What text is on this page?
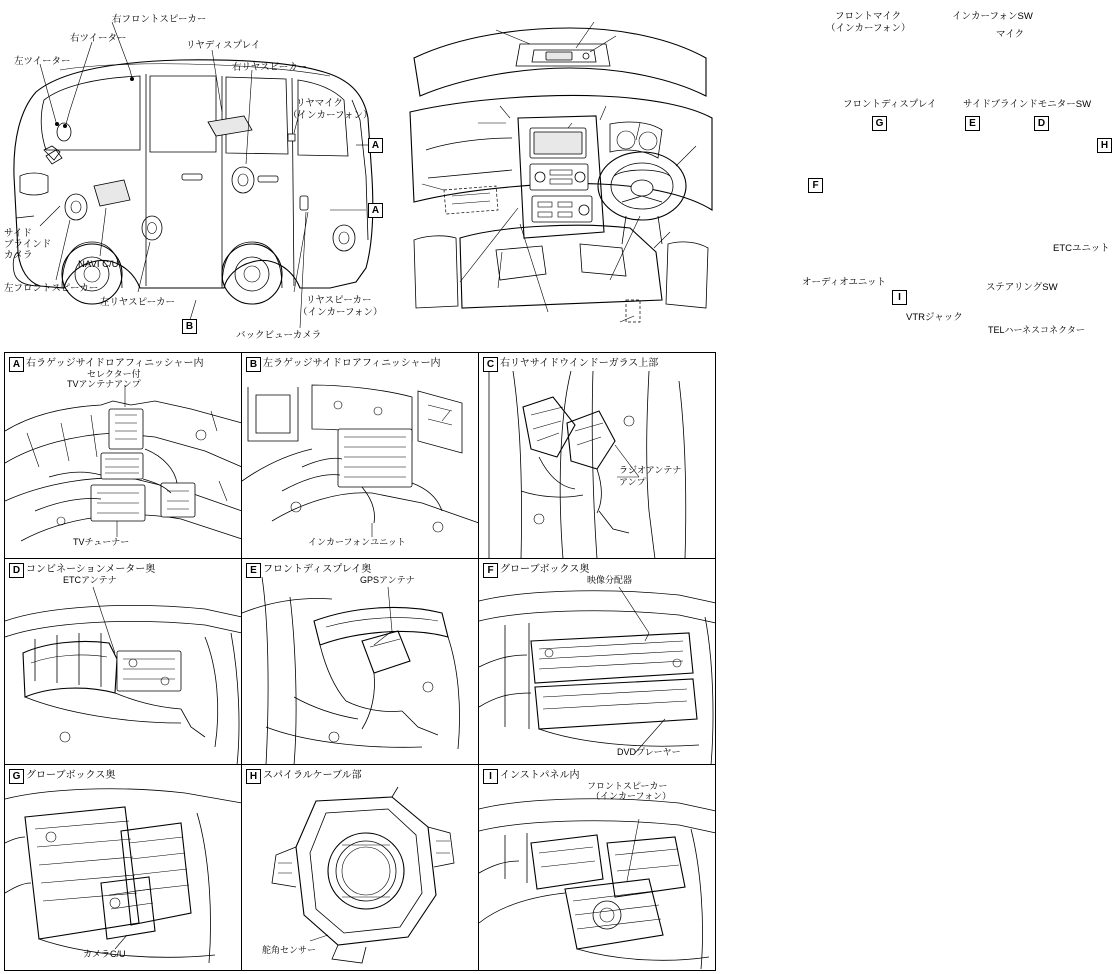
右フロントスピーカー
右ツイーター
左ツイーター
リヤディスプレイ
右リヤスピーカー
リヤマイク
（インカーフォン）
サイド
ブラインド
カメラ
NAVI C/U
左フロントスピーカー
左リヤスピーカー
バックビューカメラ
リヤスピーカー
（インカーフォン）
A
A
B
フロントマイク
（インカーフォン）
インカーフォンSW
マイク
フロントディスプレイ	サイドブラインドモニターSW
オーディオユニット
ETCユニット
ステアリングSW
VTRジャック
TELハーネスコネクター
G	E	D
H
F
I
A 右ラゲッジサイドロアフィニッシャー内
セレクター付
TVアンテナアンプ
TVチューナー
B 左ラゲッジサイドロアフィニッシャー内
インカーフォンユニット
C 右リヤサイドウインドーガラス上部
ラジオアンテナ
アンプ
D コンビネーションメーター奥
ETCアンテナ
E フロントディスプレイ奥
GPSアンテナ
F グローブボックス奥
映像分配器
DVDプレーヤー
G グローブボックス奥
カメラC/U
H スパイラルケーブル部
舵角センサー
I インストパネル内
フロントスピーカー
（インカーフォン）
